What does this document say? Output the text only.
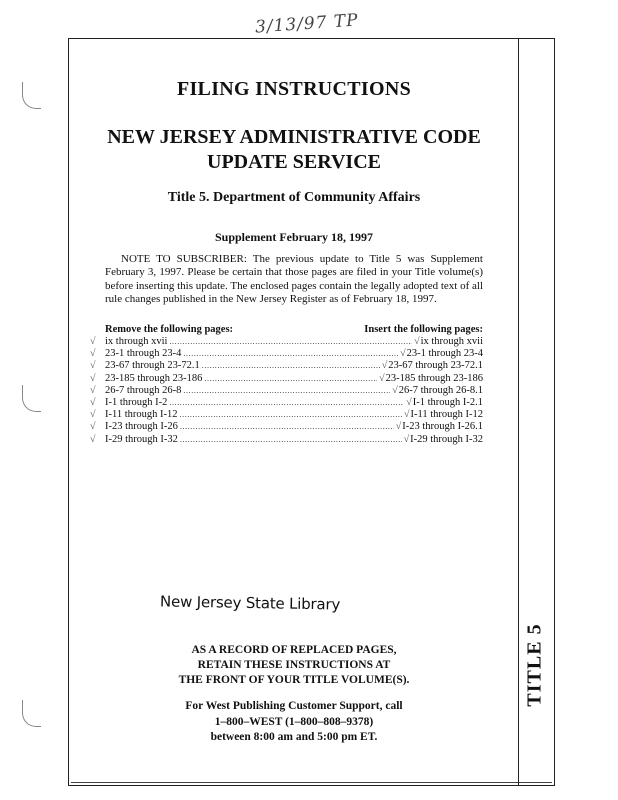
3/13/97 TP
TITLE 5
FILING INSTRUCTIONS
NEW JERSEY ADMINISTRATIVE CODE
UPDATE SERVICE
Title 5. Department of Community Affairs
Supplement February 18, 1997
NOTE TO SUBSCRIBER: The previous update to Title 5 was Supplement February 3, 1997. Please be certain that those pages are filed in your Title volume(s) before inserting this update. The enclosed pages contain the legally adopted text of all rule changes published in the New Jersey Register as of February 18, 1997.
Remove the following pages:	Insert the following pages:
√ ix through xvii .....	√ ix through xvii
√ 23-1 through 23-4 .....	√ 23-1 through 23-4
√ 23-67 through 23-72.1 .....	√ 23-67 through 23-72.1
√ 23-185 through 23-186 .....	√ 23-185 through 23-186
√ 26-7 through 26-8 .....	√ 26-7 through 26-8.1
√ I-1 through I-2 .....	√ I-1 through I-2.1
√ I-11 through I-12 .....	√ I-11 through I-12
√ I-23 through I-26 .....	√ I-23 through I-26.1
√ I-29 through I-32 .....	√ I-29 through I-32
New Jersey State Library
AS A RECORD OF REPLACED PAGES,
RETAIN THESE INSTRUCTIONS AT
THE FRONT OF YOUR TITLE VOLUME(S).
For West Publishing Customer Support, call
1–800–WEST (1–800–808–9378)
between 8:00 am and 5:00 pm ET.
